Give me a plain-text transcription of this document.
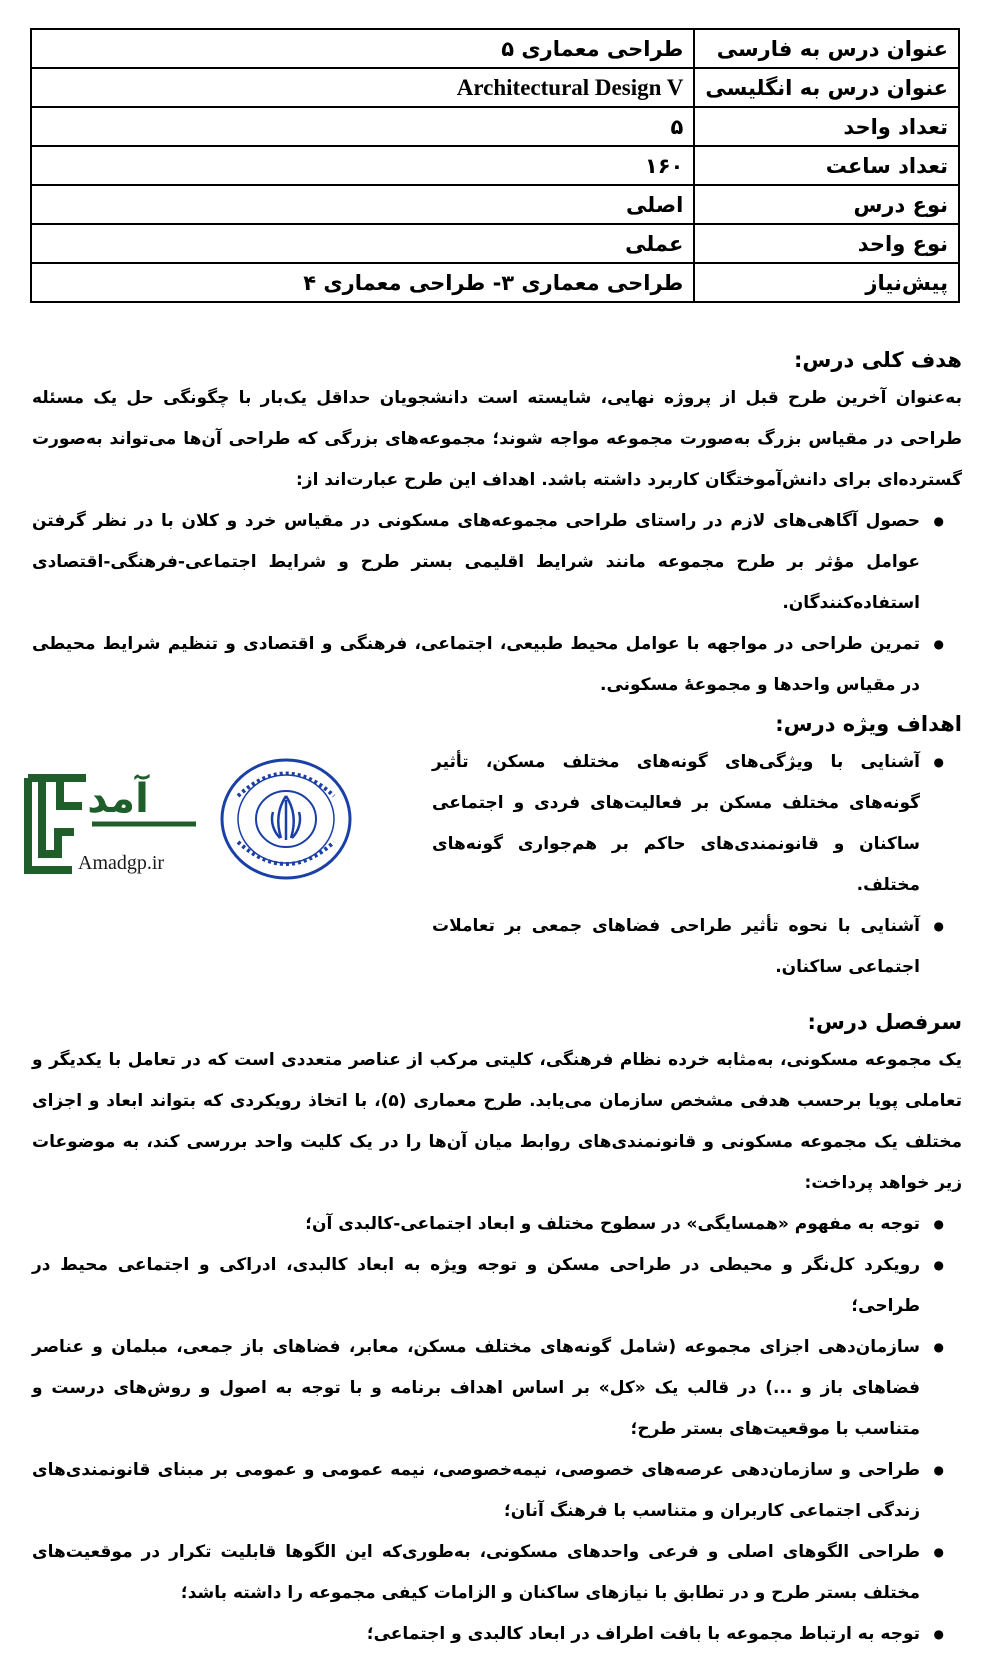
عنوان درس به فارسی	طراحی معماری ۵
عنوان درس به انگلیسی	Architectural Design V
تعداد واحد	۵
تعداد ساعت	۱۶۰
نوع درس	اصلی
نوع واحد	عملی
پیش‌نیاز	طراحی معماری ۳- طراحی معماری ۴
هدف کلی درس:

به‌عنوان آخرین طرح قبل از پروژه نهایی، شایسته است دانشجویان حداقل یک‌بار با چگونگی حل یک مسئله طراحی در مقیاس بزرگ به‌صورت مجموعه مواجه شوند؛ مجموعه‌های بزرگی که طراحی آن‌ها می‌تواند به‌صورت گسترده‌ای برای دانش‌آموختگان کاربرد داشته باشد. اهداف این طرح عبارت‌اند از:

● حصول آگاهی‌های لازم در راستای طراحی مجموعه‌های مسکونی در مقیاس خرد و کلان با در نظر گرفتن عوامل مؤثر بر طرح مجموعه مانند شرایط اقلیمی بستر طرح و شرایط اجتماعی-فرهنگی-اقتصادی استفاده‌کنندگان.
● تمرین طراحی در مواجهه با عوامل محیط طبیعی، اجتماعی، فرهنگی و اقتصادی و تنظیم شرایط محیطی در مقیاس واحدها و مجموعهٔ مسکونی.
اهداف ویژه درس:
● آشنایی با ویژگی‌های گونه‌های مختلف مسکن، تأثیر گونه‌های مختلف مسکن بر فعالیت‌های فردی و اجتماعی ساکنان و قانونمندی‌های حاکم بر هم‌جواری گونه‌های مختلف.
● آشنایی با نحوه تأثیر طراحی فضاهای جمعی بر تعاملات اجتماعی ساکنان.
سرفصل درس:

یک مجموعه مسکونی، به‌مثابه خرده نظام فرهنگی، کلیتی مرکب از عناصر متعددی است که در تعامل با یکدیگر و تعاملی پویا برحسب هدفی مشخص سازمان می‌یابد. طرح معماری (۵)، با اتخاذ رویکردی که بتواند ابعاد و اجزای مختلف یک مجموعه مسکونی و قانونمندی‌های روابط میان آن‌ها را در یک کلیت واحد بررسی کند، به موضوعات زیر خواهد پرداخت:

● توجه به مفهوم «همسایگی» در سطوح مختلف و ابعاد اجتماعی-کالبدی آن؛
● رویکرد کل‌نگر و محیطی در طراحی مسکن و توجه ویژه به ابعاد کالبدی، ادراکی و اجتماعی محیط در طراحی؛
● سازمان‌دهی اجزای مجموعه (شامل گونه‌های مختلف مسکن، معابر، فضاهای باز جمعی، مبلمان و عناصر فضاهای باز و ...) در قالب یک «کل» بر اساس اهداف برنامه و با توجه به اصول و روش‌های درست و متناسب با موقعیت‌های بستر طرح؛
● طراحی و سازمان‌دهی عرصه‌های خصوصی، نیمه‌خصوصی، نیمه عمومی و عمومی بر مبنای قانونمندی‌های زندگی اجتماعی کاربران و متناسب با فرهنگ آنان؛
● طراحی الگوهای اصلی و فرعی واحدهای مسکونی، به‌طوری‌که این الگوها قابلیت تکرار در موقعیت‌های مختلف بستر طرح و در تطابق با نیازهای ساکنان و الزامات کیفی مجموعه را داشته باشد؛
● توجه به ارتباط مجموعه با بافت اطراف در ابعاد کالبدی و اجتماعی؛
آمد
Amadgp.ir
